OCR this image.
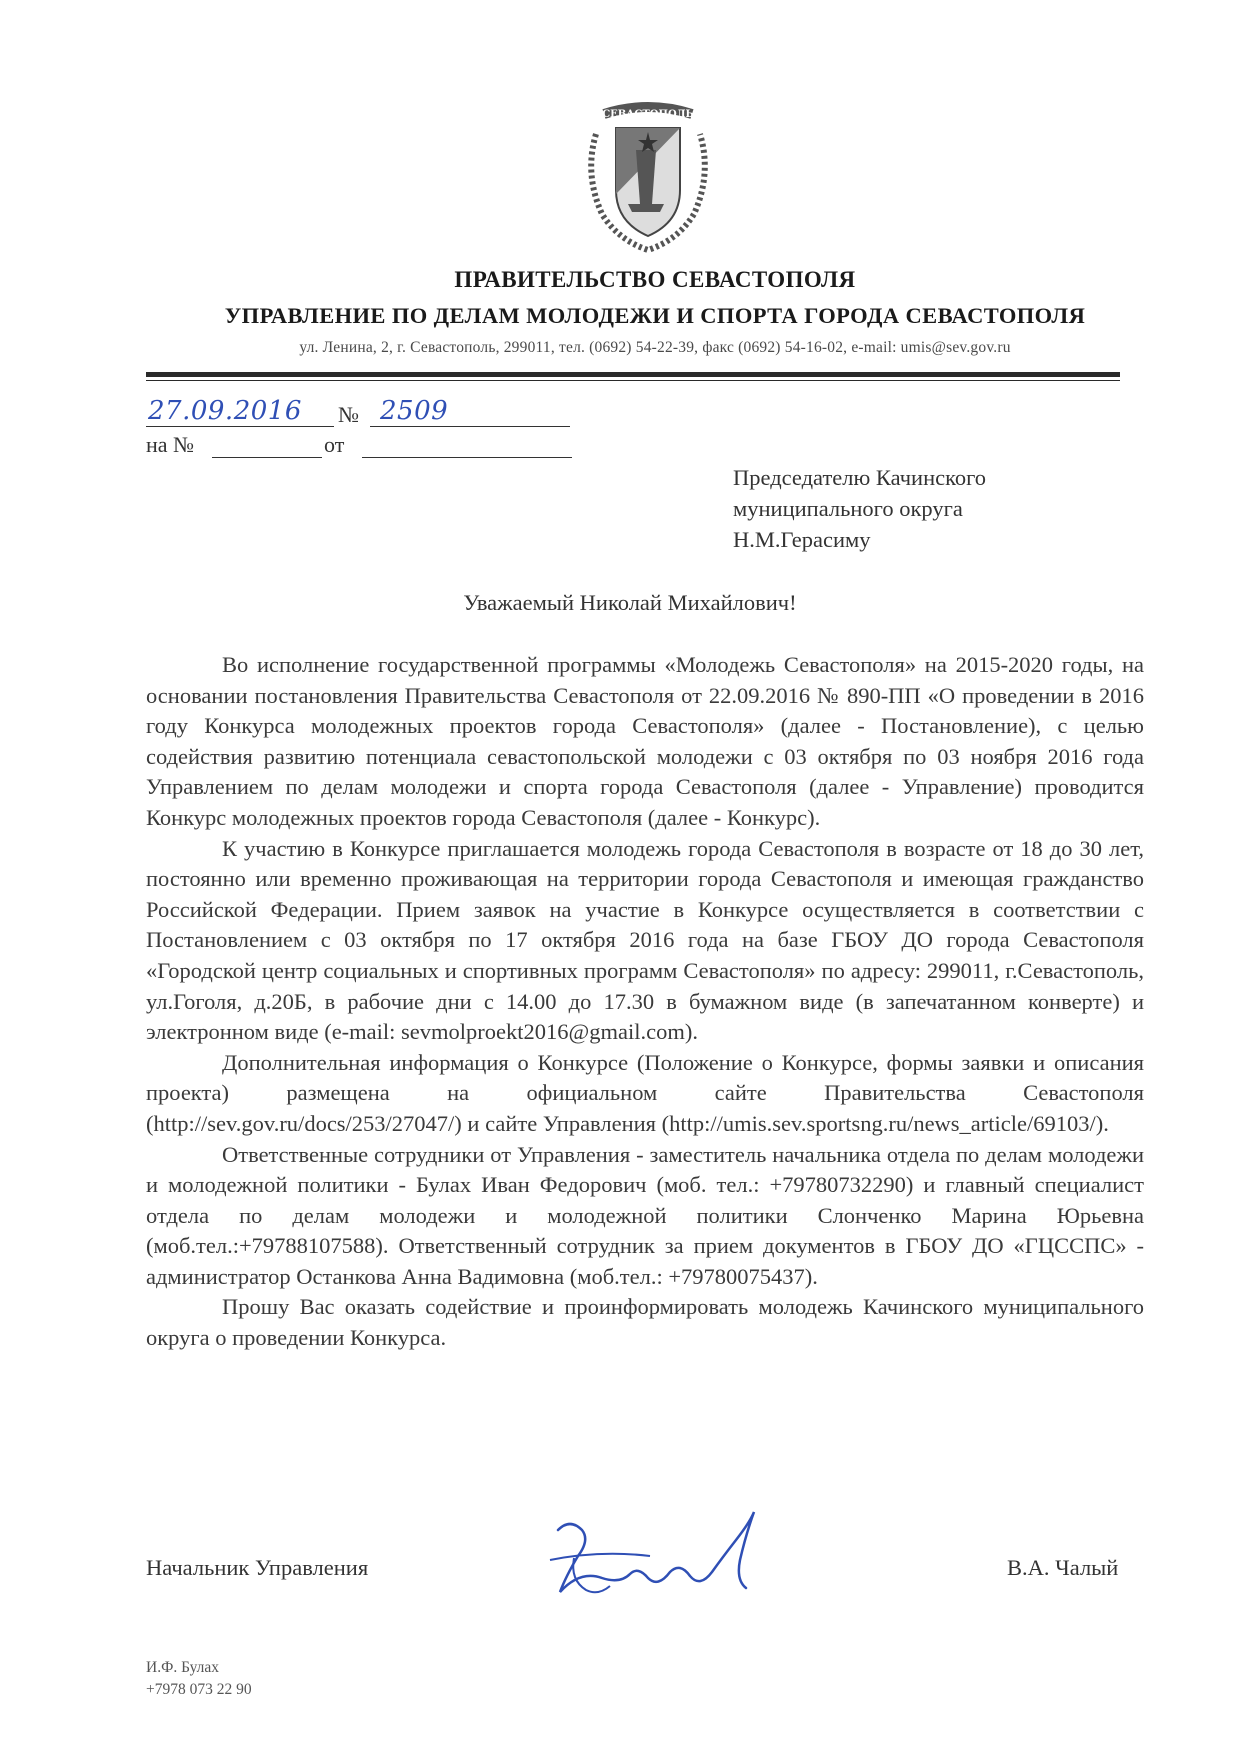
СЕВАСТОПОЛЬ
ПРАВИТЕЛЬСТВО СЕВАСТОПОЛЯ
УПРАВЛЕНИЕ ПО ДЕЛАМ МОЛОДЕЖИ И СПОРТА ГОРОДА СЕВАСТОПОЛЯ
ул. Ленина, 2, г. Севастополь, 299011, тел. (0692) 54-22-39, факс (0692) 54-16-02, e-mail: umis@sev.gov.ru
27.09.2016 № 2509
на №	от
Председателю Качинского
муниципального округа
Н.М.Герасиму
Уважаемый Николай Михайлович!

Во исполнение государственной программы «Молодежь Севастополя» на 2015-2020 годы, на основании постановления Правительства Севастополя от 22.09.2016 № 890-ПП «О проведении в 2016 году Конкурса молодежных проектов города Севастополя» (далее - Постановление), с целью содействия развитию потенциала севастопольской молодежи с 03 октября по 03 ноября 2016 года Управлением по делам молодежи и спорта города Севастополя (далее - Управление) проводится Конкурс молодежных проектов города Севастополя (далее - Конкурс).

К участию в Конкурсе приглашается молодежь города Севастополя в возрасте от 18 до 30 лет, постоянно или временно проживающая на территории города Севастополя и имеющая гражданство Российской Федерации. Прием заявок на участие в Конкурсе осуществляется в соответствии с Постановлением с 03 октября по 17 октября 2016 года на базе ГБОУ ДО города Севастополя «Городской центр социальных и спортивных программ Севастополя» по адресу: 299011, г.Севастополь, ул.Гоголя, д.20Б, в рабочие дни с 14.00 до 17.30 в бумажном виде (в запечатанном конверте) и электронном виде (e-mail: sevmolproekt2016@gmail.com).

Дополнительная информация о Конкурсе (Положение о Конкурсе, формы заявки и описания проекта) размещена на официальном сайте Правительства Севастополя (http://sev.gov.ru/docs/253/27047/) и сайте Управления (http://umis.sev.sportsng.ru/news_article/69103/).

Ответственные сотрудники от Управления - заместитель начальника отдела по делам молодежи и молодежной политики - Булах Иван Федорович (моб. тел.: +79780732290) и главный специалист отдела по делам молодежи и молодежной политики Слонченко Марина Юрьевна (моб.тел.:+79788107588). Ответственный сотрудник за прием документов в ГБОУ ДО «ГЦССПС» - администратор Останкова Анна Вадимовна (моб.тел.: +79780075437).

Прошу Вас оказать содействие и проинформировать молодежь Качинского муниципального округа о проведении Конкурса.

Начальник Управления	В.А. Чалый
И.Ф. Булах
+7978 073 22 90
